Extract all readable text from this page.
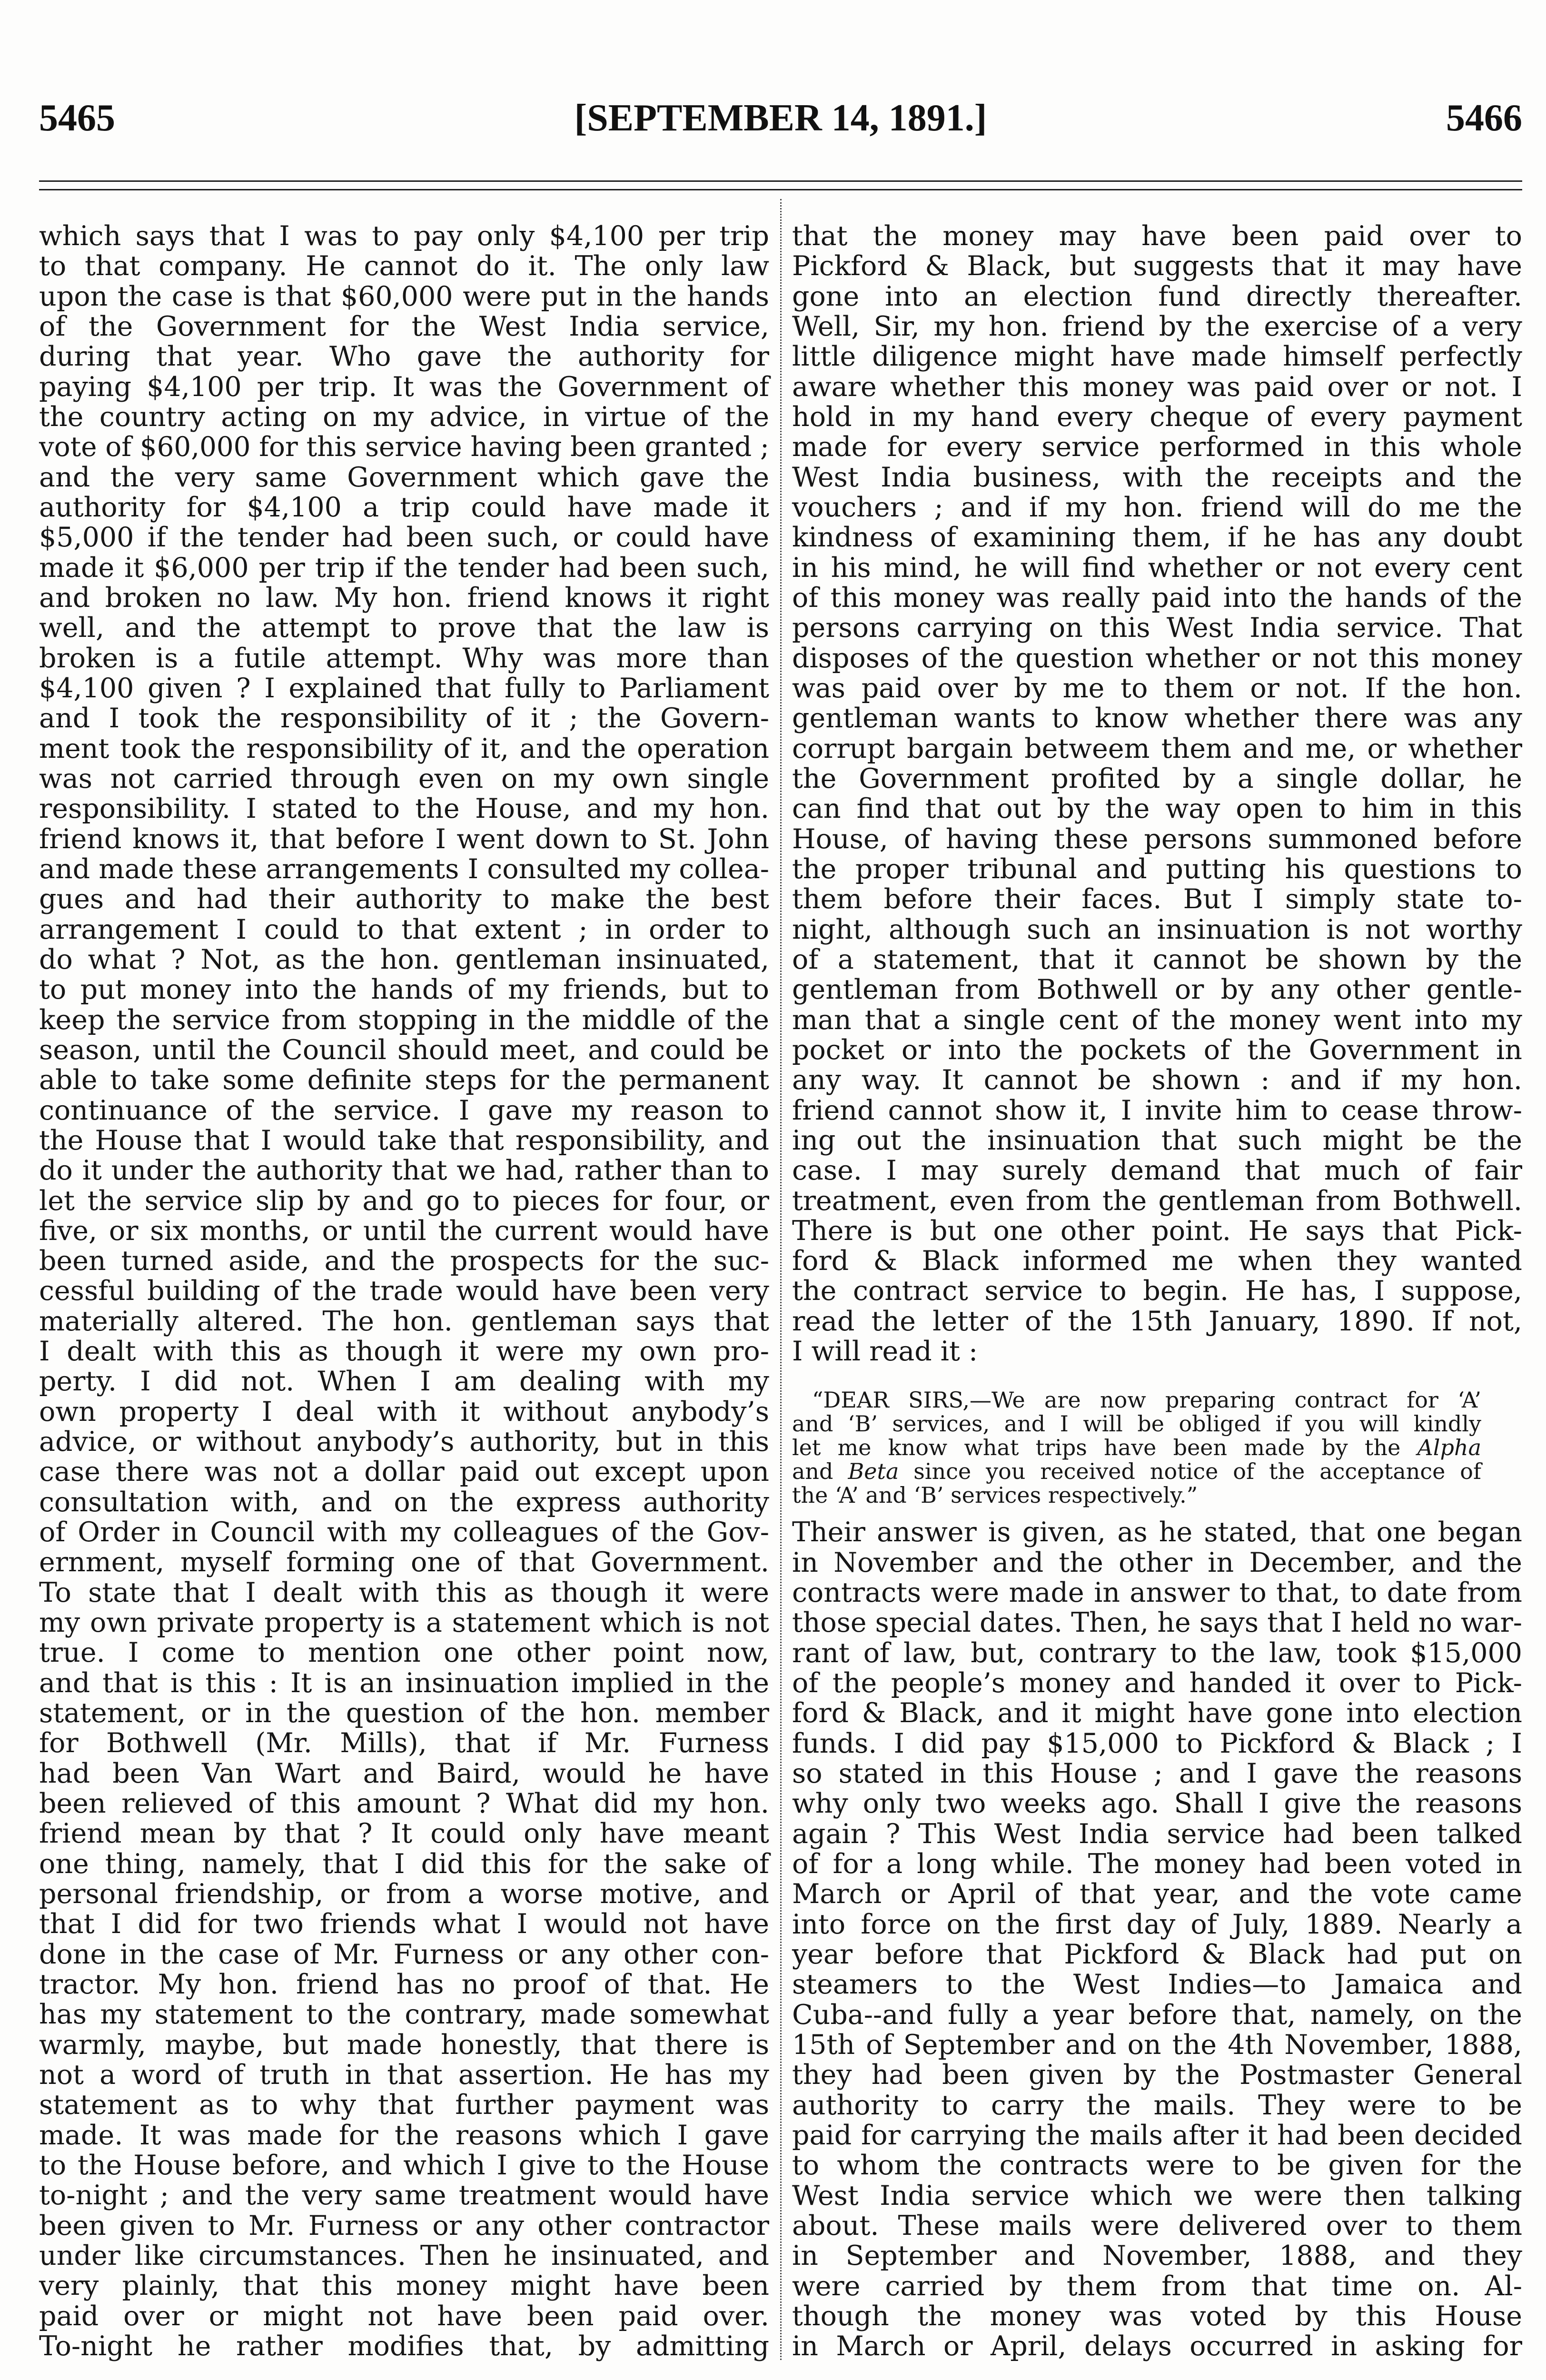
5465	[SEPTEMBER 14, 1891.]	5466
which says that I was to pay only $4,100 per trip
to that company. He cannot do it. The only law
upon the case is that $60,000 were put in the hands
of the Government for the West India service,
during that year. Who gave the authority for
paying $4,100 per trip. It was the Government of
the country acting on my advice, in virtue of the
vote of $60,000 for this service having been granted ;
and the very same Government which gave the
authority for $4,100 a trip could have made it
$5,000 if the tender had been such, or could have
made it $6,000 per trip if the tender had been such,
and broken no law. My hon. friend knows it right
well, and the attempt to prove that the law is
broken is a futile attempt. Why was more than
$4,100 given ? I explained that fully to Parliament
and I took the responsibility of it ; the Govern-
ment took the responsibility of it, and the operation
was not carried through even on my own single
responsibility. I stated to the House, and my hon.
friend knows it, that before I went down to St. John
and made these arrangements I consulted my collea-
gues and had their authority to make the best
arrangement I could to that extent ; in order to
do what ? Not, as the hon. gentleman insinuated,
to put money into the hands of my friends, but to
keep the service from stopping in the middle of the
season, until the Council should meet, and could be
able to take some definite steps for the permanent
continuance of the service. I gave my reason to
the House that I would take that responsibility, and
do it under the authority that we had, rather than to
let the service slip by and go to pieces for four, or
five, or six months, or until the current would have
been turned aside, and the prospects for the suc-
cessful building of the trade would have been very
materially altered. The hon. gentleman says that
I dealt with this as though it were my own pro-
perty. I did not. When I am dealing with my
own property I deal with it without anybody’s
advice, or without anybody’s authority, but in this
case there was not a dollar paid out except upon
consultation with, and on the express authority
of Order in Council with my colleagues of the Gov-
ernment, myself forming one of that Government.
To state that I dealt with this as though it were
my own private property is a statement which is not
true. I come to mention one other point now,
and that is this : It is an insinuation implied in the
statement, or in the question of the hon. member
for Bothwell (Mr. Mills), that if Mr. Furness
had been Van Wart and Baird, would he have
been relieved of this amount ? What did my hon.
friend mean by that ? It could only have meant
one thing, namely, that I did this for the sake of
personal friendship, or from a worse motive, and
that I did for two friends what I would not have
done in the case of Mr. Furness or any other con-
tractor. My hon. friend has no proof of that. He
has my statement to the contrary, made somewhat
warmly, maybe, but made honestly, that there is
not a word of truth in that assertion. He has my
statement as to why that further payment was
made. It was made for the reasons which I gave
to the House before, and which I give to the House
to-night ; and the very same treatment would have
been given to Mr. Furness or any other contractor
under like circumstances. Then he insinuated, and
very plainly, that this money might have been
paid over or might not have been paid over.
To-night he rather modifies that, by admitting
that the money may have been paid over to
Pickford & Black, but suggests that it may have
gone into an election fund directly thereafter.
Well, Sir, my hon. friend by the exercise of a very
little diligence might have made himself perfectly
aware whether this money was paid over or not. I
hold in my hand every cheque of every payment
made for every service performed in this whole
West India business, with the receipts and the
vouchers ; and if my hon. friend will do me the
kindness of examining them, if he has any doubt
in his mind, he will find whether or not every cent
of this money was really paid into the hands of the
persons carrying on this West India service. That
disposes of the question whether or not this money
was paid over by me to them or not. If the hon.
gentleman wants to know whether there was any
corrupt bargain betweem them and me, or whether
the Government profited by a single dollar, he
can find that out by the way open to him in this
House, of having these persons summoned before
the proper tribunal and putting his questions to
them before their faces. But I simply state to-
night, although such an insinuation is not worthy
of a statement, that it cannot be shown by the
gentleman from Bothwell or by any other gentle-
man that a single cent of the money went into my
pocket or into the pockets of the Government in
any way. It cannot be shown : and if my hon.
friend cannot show it, I invite him to cease throw-
ing out the insinuation that such might be the
case. I may surely demand that much of fair
treatment, even from the gentleman from Bothwell.
There is but one other point. He says that Pick-
ford & Black informed me when they wanted
the contract service to begin. He has, I suppose,
read the letter of the 15th January, 1890. If not,
I will read it :
“DEAR SIRS,—We are now preparing contract for ‘A’
and ‘B’ services, and I will be obliged if you will kindly
let me know what trips have been made by the Alpha
and Beta since you received notice of the acceptance of
the ‘A’ and ‘B’ services respectively.”
Their answer is given, as he stated, that one began
in November and the other in December, and the
contracts were made in answer to that, to date from
those special dates. Then, he says that I held no war-
rant of law, but, contrary to the law, took $15,000
of the people’s money and handed it over to Pick-
ford & Black, and it might have gone into election
funds. I did pay $15,000 to Pickford & Black ; I
so stated in this House ; and I gave the reasons
why only two weeks ago. Shall I give the reasons
again ? This West India service had been talked
of for a long while. The money had been voted in
March or April of that year, and the vote came
into force on the first day of July, 1889. Nearly a
year before that Pickford & Black had put on
steamers to the West Indies—to Jamaica and
Cuba--and fully a year before that, namely, on the
15th of September and on the 4th November, 1888,
they had been given by the Postmaster General
authority to carry the mails. They were to be
paid for carrying the mails after it had been decided
to whom the contracts were to be given for the
West India service which we were then talking
about. These mails were delivered over to them
in September and November, 1888, and they
were carried by them from that time on. Al-
though the money was voted by this House
in March or April, delays occurred in asking for
